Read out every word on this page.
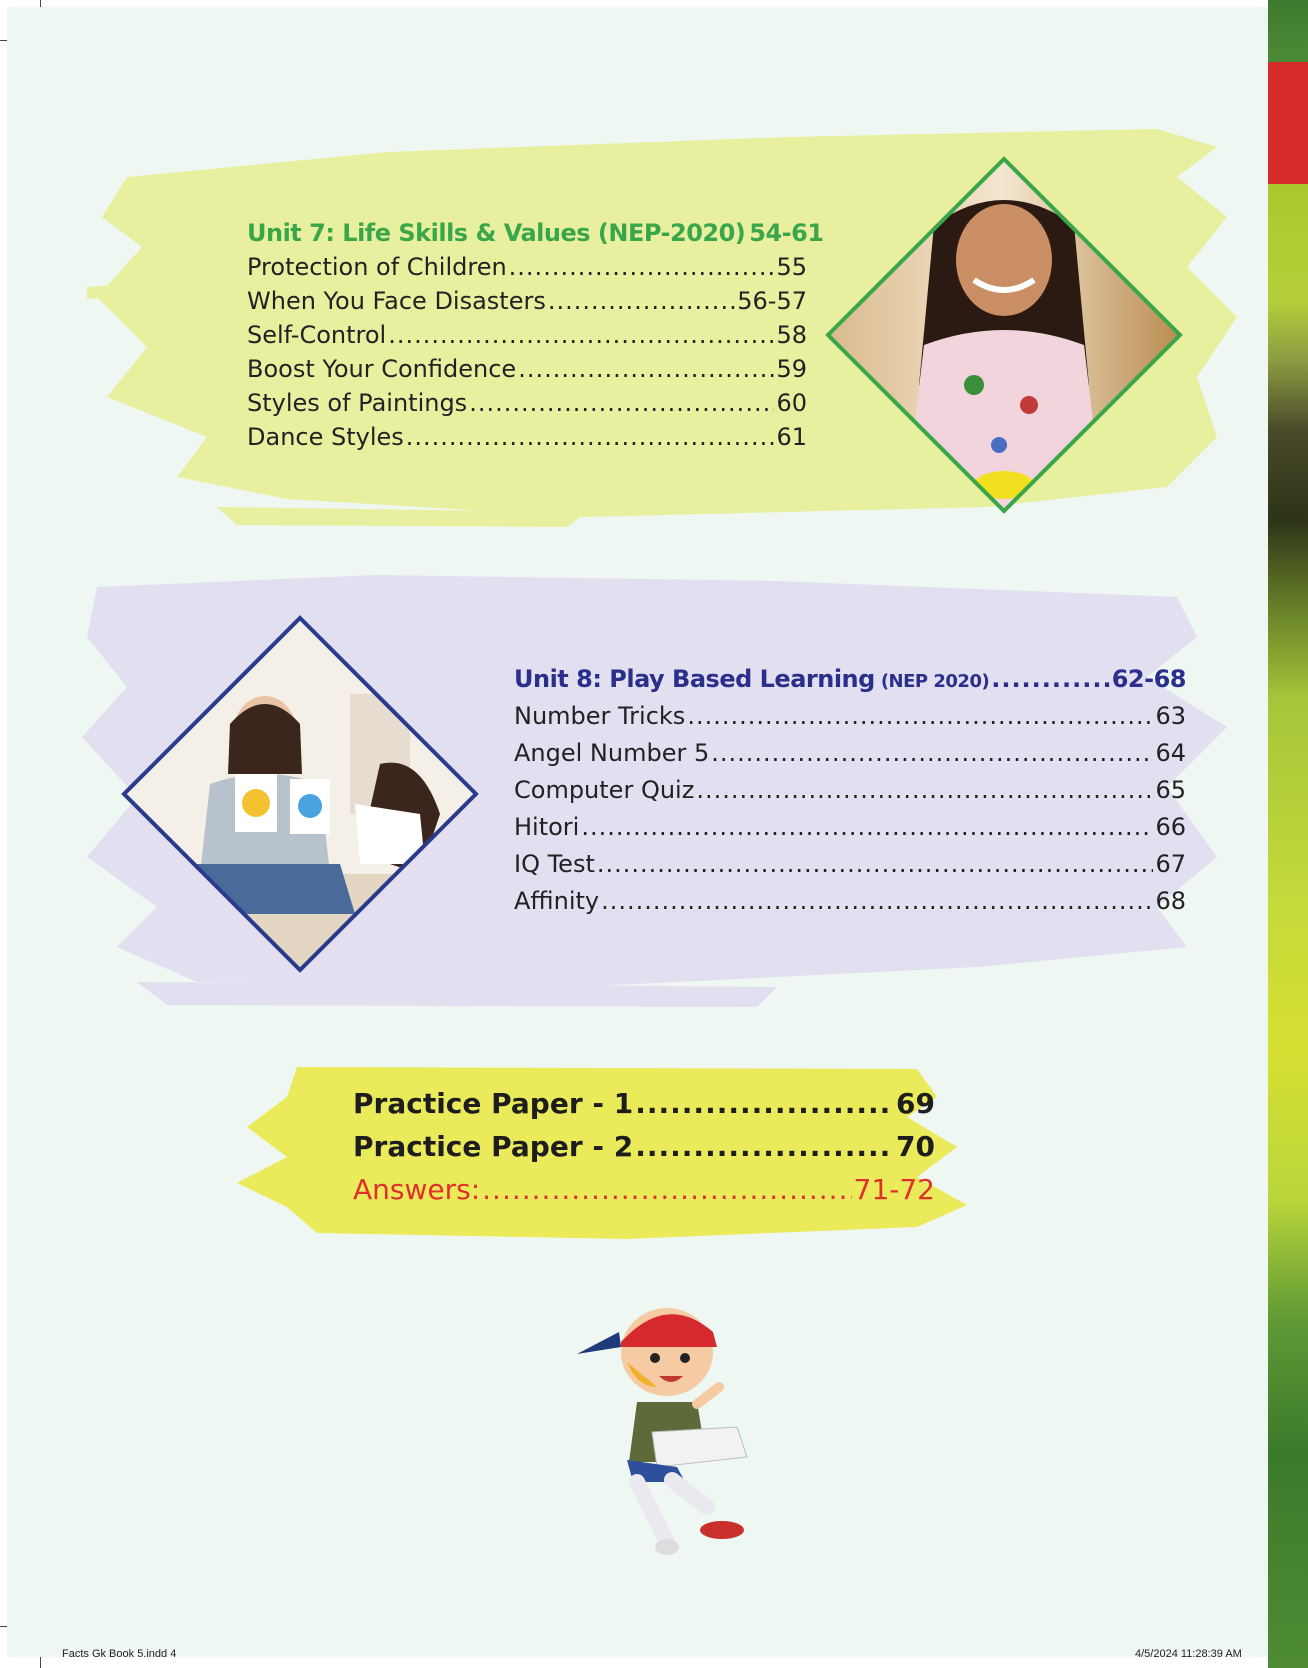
Unit 7: Life Skills & Values (NEP-2020) 54-61
Protection of Children .....	55
When You Face Disasters .....	56-57
Self-Control .....	58
Boost Your Confidence .....	59
Styles of Paintings .....	60
Dance Styles .....	61
Unit 8: Play Based Learning (NEP 2020) .....	62-68
Number Tricks .....	63
Angel Number 5 .....	64
Computer Quiz .....	65
Hitori .....	66
IQ Test .....	67
Affinity .....	68
Practice Paper - 1 .....	69
Practice Paper - 2 .....	70
Answers: .....	71-72
Facts Gk Book 5.indd 4	4/5/2024 11:28:39 AM
